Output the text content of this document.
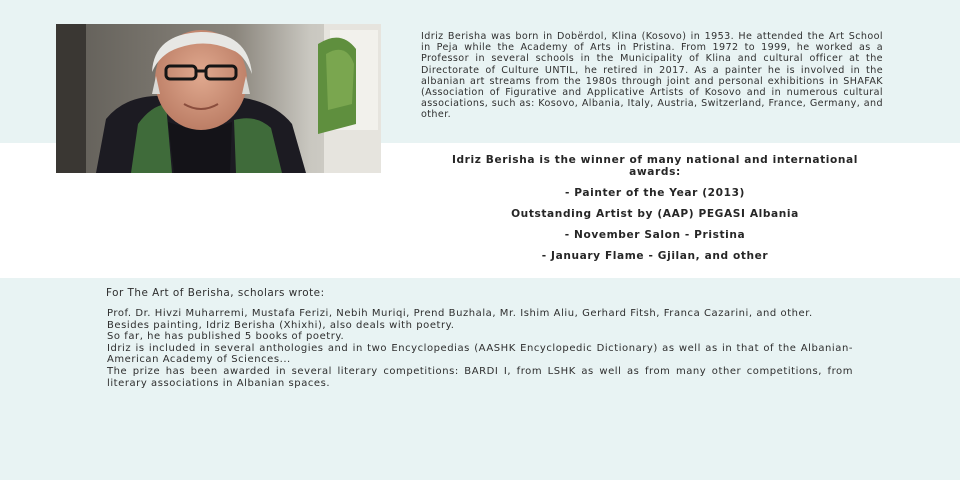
Idriz Berisha was born in Dobërdol, Klina (Kosovo) in 1953. He attended the Art School in Peja while the Academy of Arts in Pristina. From 1972 to 1999, he worked as a Professor in several schools in the Municipality of Klina and cultural officer at the Directorate of Culture UNTIL, he retired in 2017. As a painter he is involved in the albanian art streams from the 1980s through joint and personal exhibitions in SHAFAK (Association of Figurative and Applicative Artists of Kosovo and in numerous cultural associations, such as: Kosovo, Albania, Italy, Austria, Switzerland, France, Germany, and other.

Idriz Berisha is the winner of many national and international awards:

- Painter of the Year (2013)

Outstanding Artist by (AAP) PEGASI Albania

- November Salon - Pristina

- January Flame - Gjilan, and other

For The Art of Berisha, scholars wrote:

Prof. Dr. Hivzi Muharremi, Mustafa Ferizi, Nebih Muriqi, Prend Buzhala, Mr. Ishim Aliu, Gerhard Fitsh, Franca Cazarini, and other.

Besides painting, Idriz Berisha (Xhixhi), also deals with poetry.

So far, he has published 5 books of poetry.

Idriz is included in several anthologies and in two Encyclopedias (AASHK Encyclopedic Dictionary) as well as in that of the Albanian-American Academy of Sciences...

The prize has been awarded in several literary competitions: BARDI I, from LSHK as well as from many other competitions, from literary associations in Albanian spaces.
